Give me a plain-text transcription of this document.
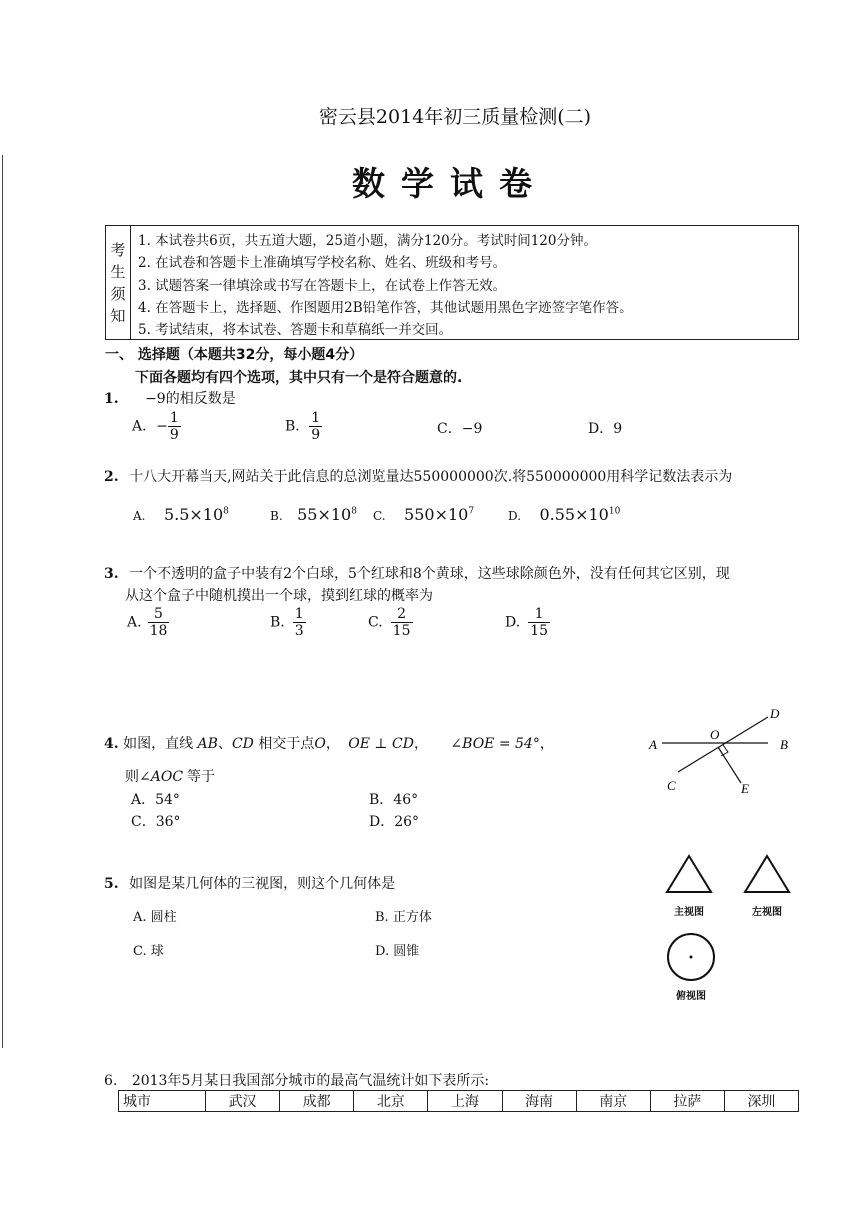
密云县2014年初三质量检测(二)
数学试卷
考
生
须
知
1. 本试卷共6页，共五道大题，25道小题，满分120分。考试时间120分钟。
2. 在试卷和答题卡上准确填写学校名称、姓名、班级和考号。
3. 试题答案一律填涂或书写在答题卡上，在试卷上作答无效。
4. 在答题卡上，选择题、作图题用2B铅笔作答，其他试题用黑色字迹签字笔作答。
5. 考试结束，将本试卷、答题卡和草稿纸一并交回。
一、 选择题（本题共32分，每小题4分）
下面各题均有四个选项，其中只有一个是符合题意的.
1. −9的相反数是
A．− $\frac{1}{9}$	B． $\frac{1}{9}$	C．−9	D．9
2. 十八大开幕当天,网站关于此信息的总浏览量达550000000次.将550000000用科学记数法表示为
A. $5.5\times 10^8$	B. $55\times 10^8$ C. $550\times 10^7$	D. $0.55\times 10^{10}$
3. 一个不透明的盒子中装有2个白球，5个红球和8个黄球，这些球除颜色外，没有任何其它区别，现
从这个盒子中随机摸出一个球，摸到红球的概率为
A. $\frac{5}{18}$	B. $\frac{1}{3}$	C. $\frac{2}{15}$	D. $\frac{1}{15}$
4. 如图，直线 AB、CD 相交于点O， OE ⊥ CD， ∠BOE = 54°，
则∠AOC 等于
A．54°	B．46°
C．36°	D．26°
A	B
C
D
E
O
5. 如图是某几何体的三视图，则这个几何体是
A. 圆柱	B. 正方体
C. 球	D. 圆锥
主视图	左视图
俯视图
6. 2013年5月某日我国部分城市的最高气温统计如下表所示:
城市	武汉	成都	北京	上海	海南	南京	拉萨	深圳
